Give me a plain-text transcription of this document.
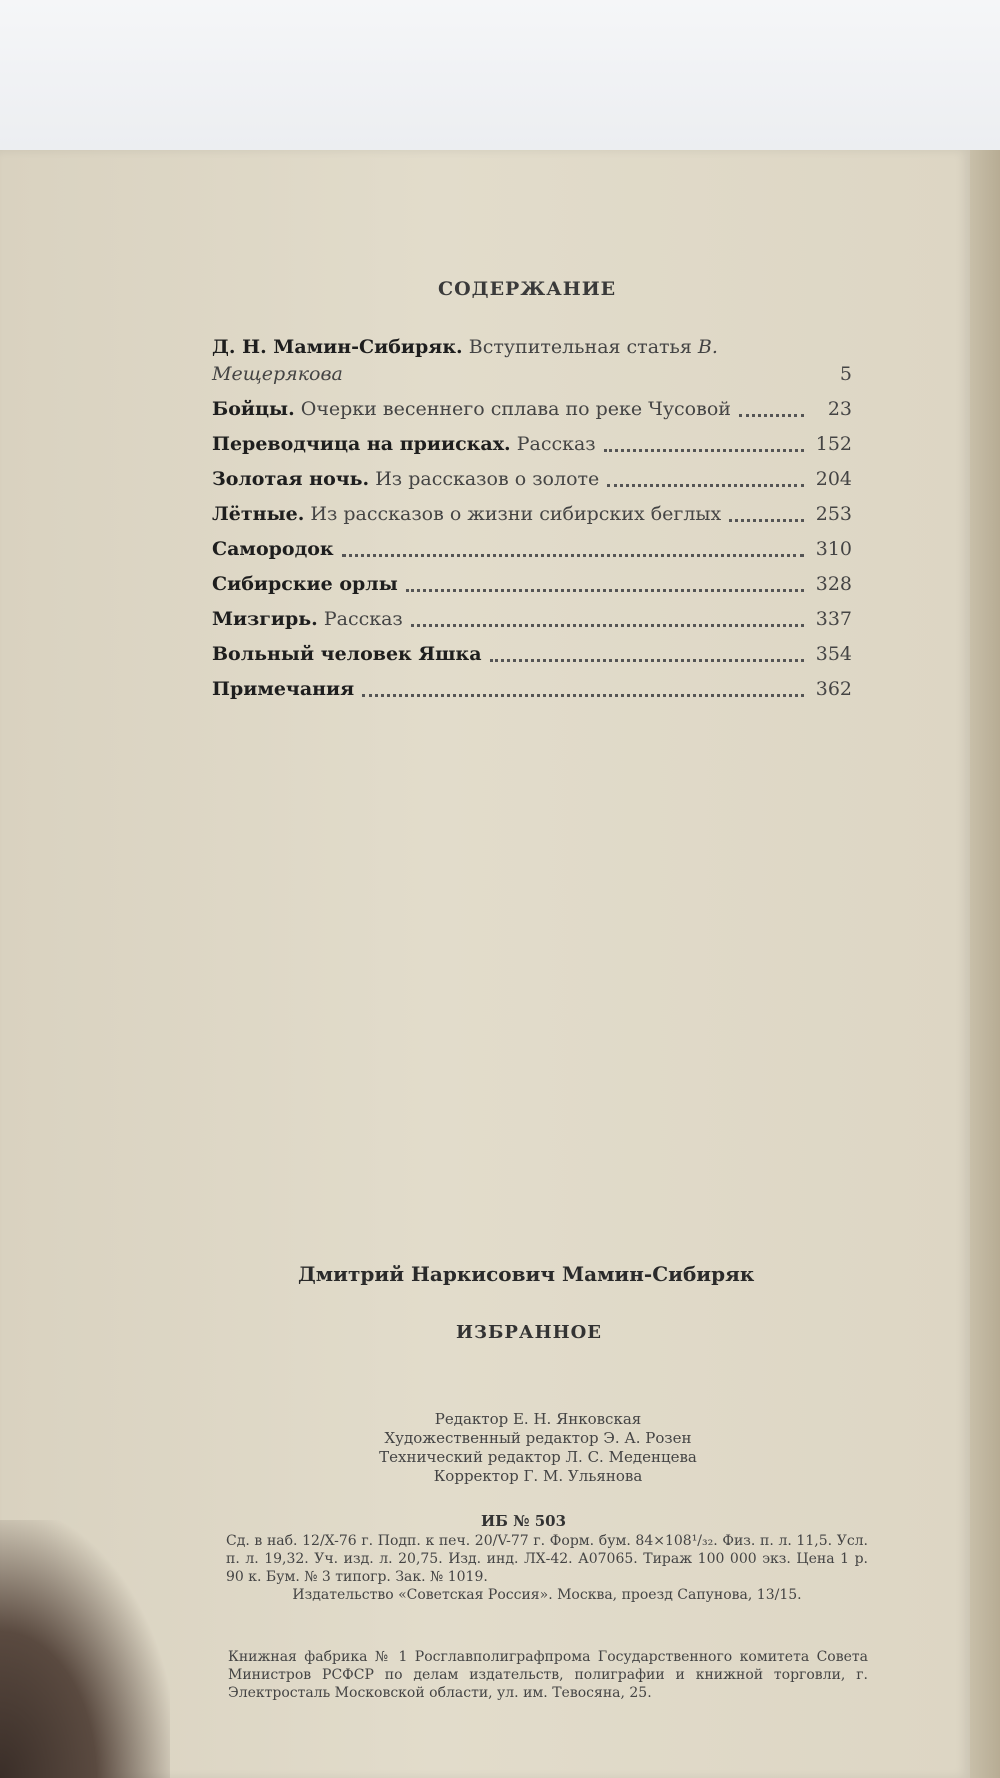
СОДЕРЖАНИЕ
Д. Н. Мамин-Сибиряк. Вступительная статья В. Мещерякова	5
Бойцы. Очерки весеннего сплава по реке Чусовой	23
Переводчица на приисках. Рассказ	152
Золотая ночь. Из рассказов о золоте	204
Лётные. Из рассказов о жизни сибирских беглых	253
Самородок	310
Сибирские орлы	328
Мизгирь. Рассказ	337
Вольный человек Яшка	354
Примечания	362
Дмитрий Наркисович Мамин-Сибиряк
ИЗБРАННОЕ
Редактор Е. Н. Янковская
Художественный редактор Э. А. Розен
Технический редактор Л. С. Меденцева
Корректор Г. М. Ульянова
ИБ № 503
Сд. в наб. 12/X-76 г. Подп. к печ. 20/V-77 г. Форм. бум. 84×108¹/₃₂. Физ. п. л. 11,5. Усл. п. л. 19,32. Уч. изд. л. 20,75. Изд. инд. ЛХ-42. А07065. Тираж 100 000 экз. Цена 1 р. 90 к. Бум. № 3 типогр. Зак. № 1019.
Издательство «Советская Россия». Москва, проезд Сапунова, 13/15.
Книжная фабрика № 1 Росглавполиграфпрома Государственного комитета Совета Министров РСФСР по делам издательств, полиграфии и книжной торговли, г. Электросталь Московской области, ул. им. Тевосяна, 25.
